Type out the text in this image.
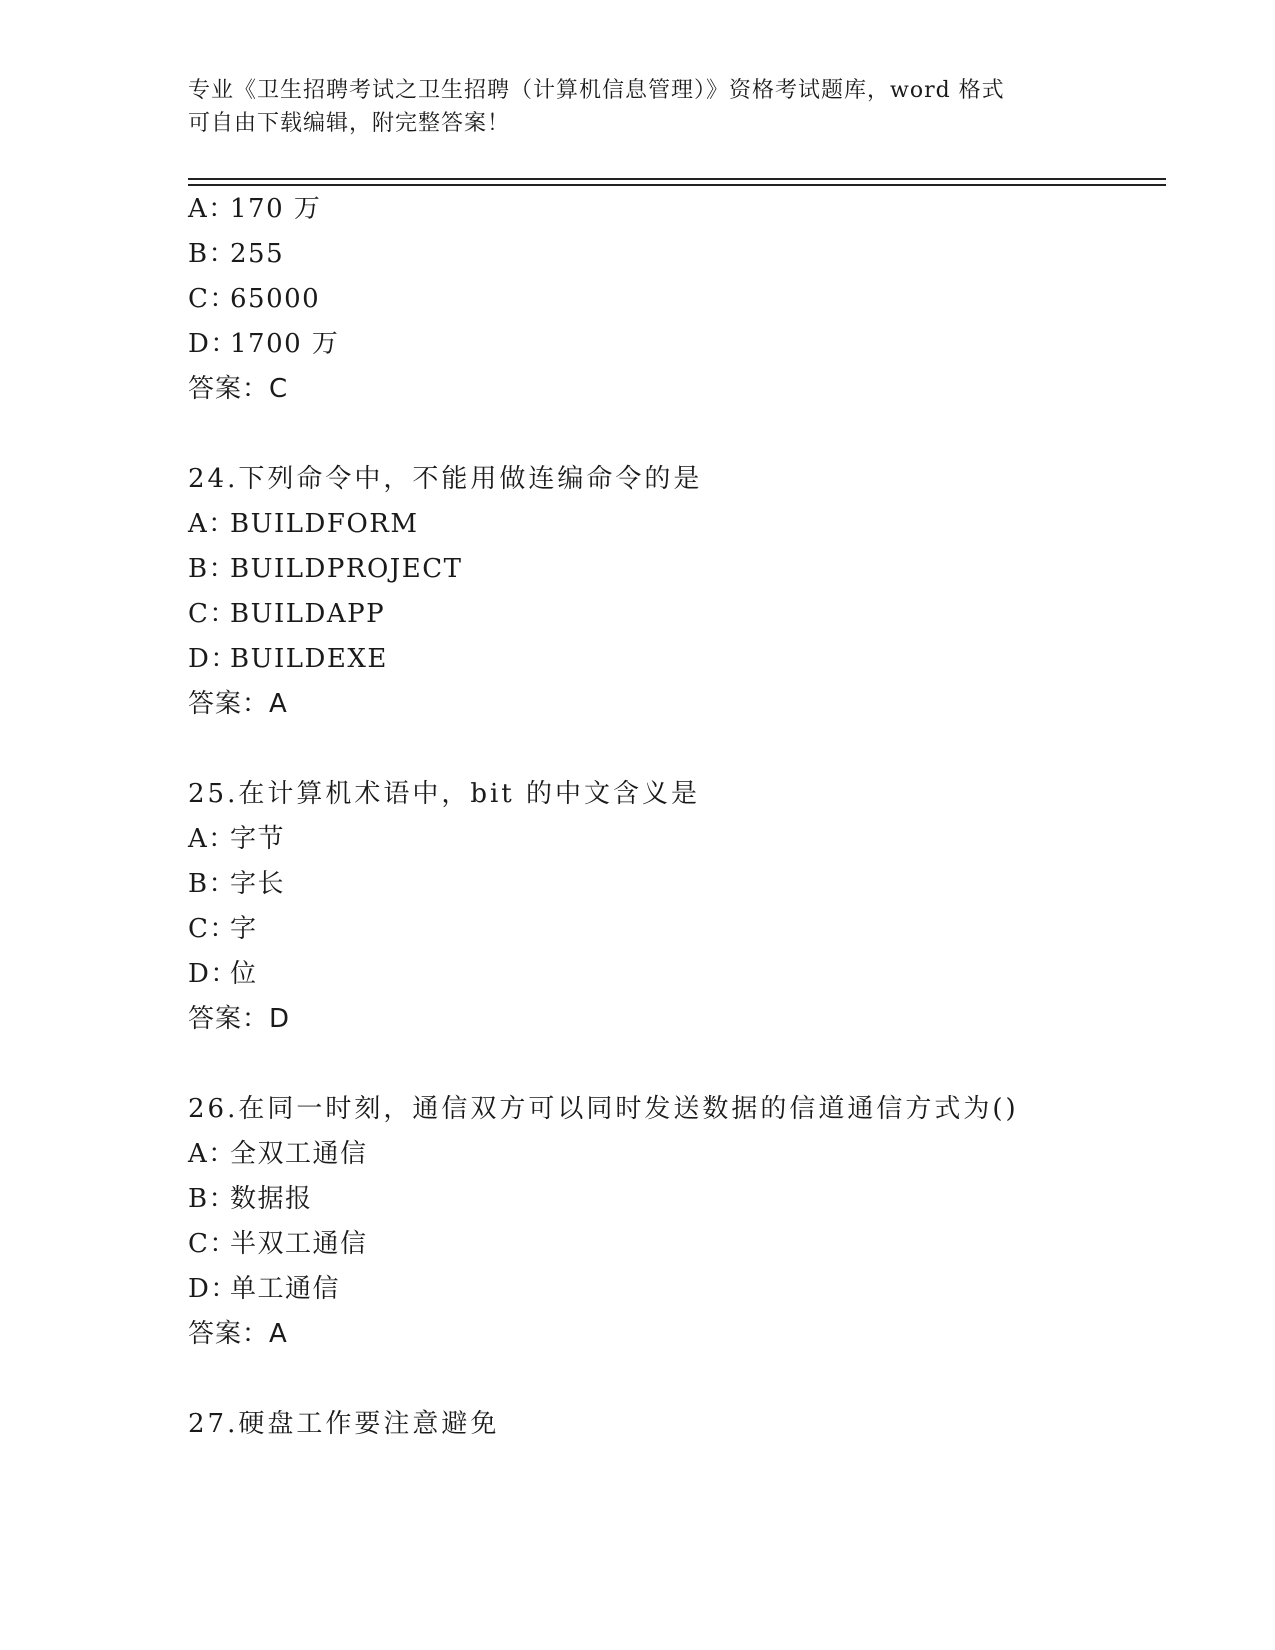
专业《卫生招聘考试之卫生招聘（计算机信息管理）》资格考试题库，word 格式
可自由下载编辑，附完整答案！
A：170 万
B：255
C：65000
D：1700 万
答案：C
24.下列命令中，不能用做连编命令的是
A：BUILDFORM
B：BUILDPROJECT
C：BUILDAPP
D：BUILDEXE
答案：A
25.在计算机术语中，bit 的中文含义是
A：字节
B：字长
C：字
D：位
答案：D
26.在同一时刻，通信双方可以同时发送数据的信道通信方式为()
A：全双工通信
B：数据报
C：半双工通信
D：单工通信
答案：A
27.硬盘工作要注意避免
